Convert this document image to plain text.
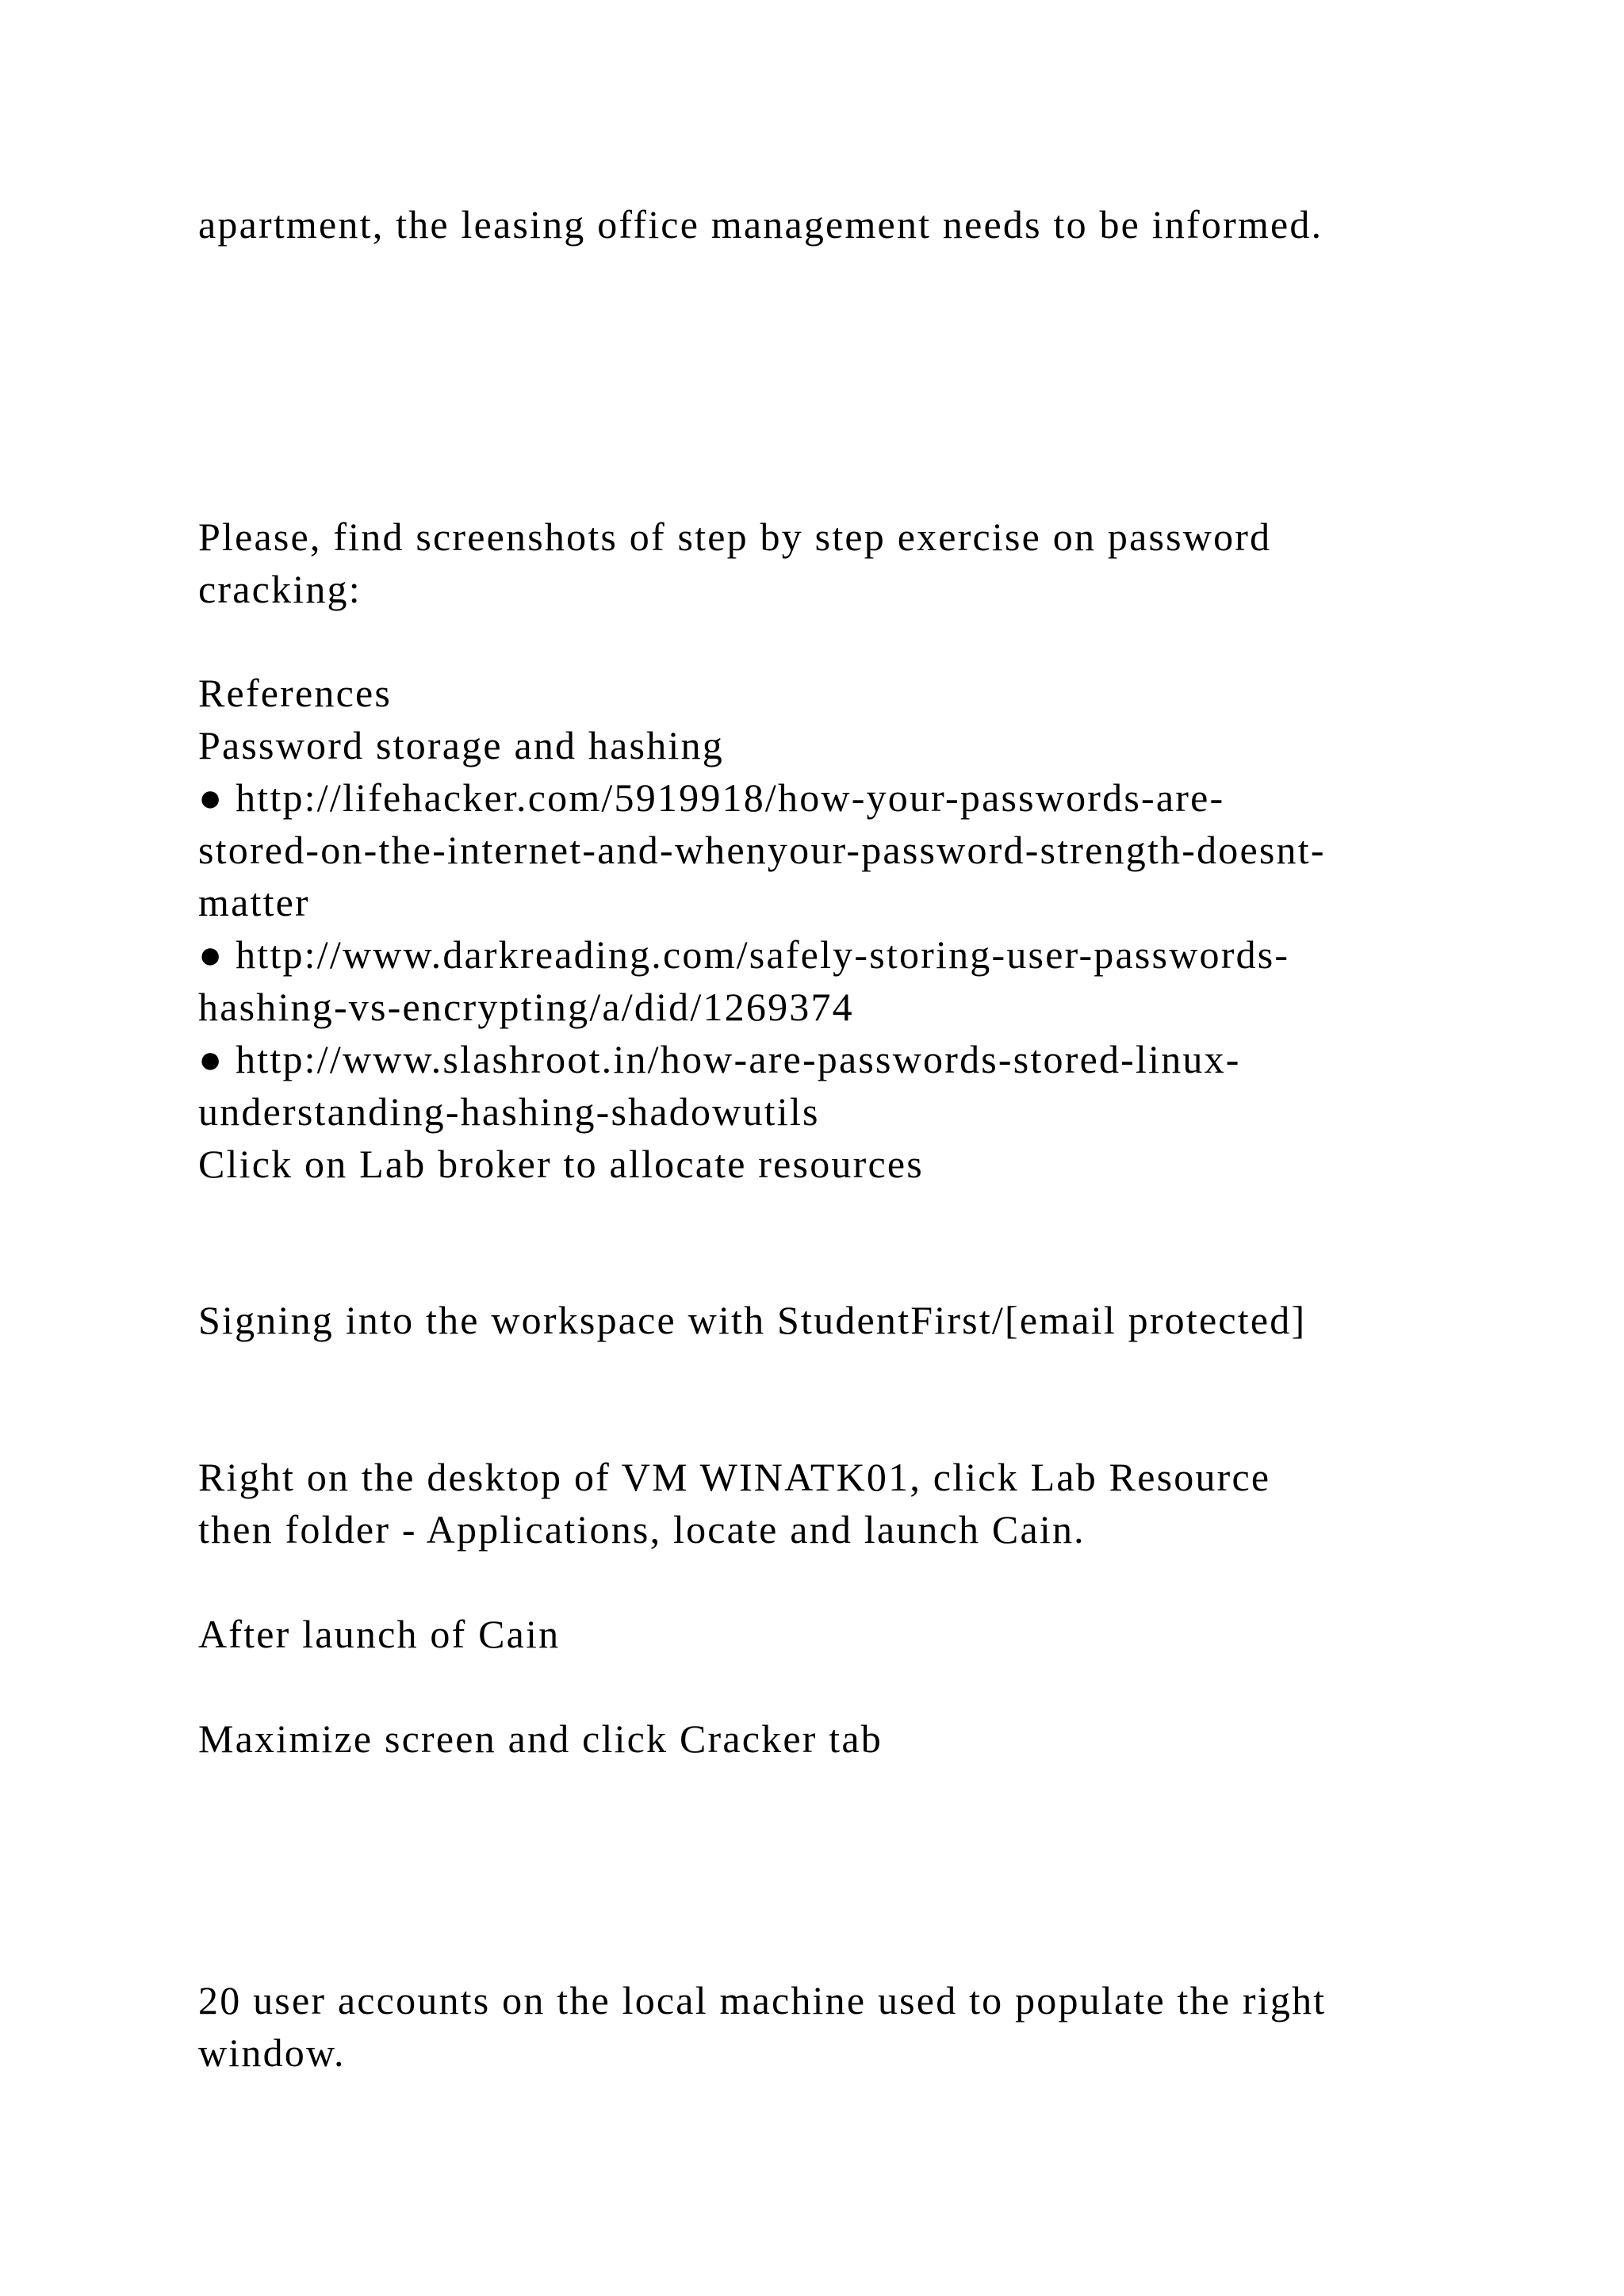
apartment, the leasing office management needs to be informed.
Please, find screenshots of step by step exercise on password
cracking:
References
Password storage and hashing
● http://lifehacker.com/5919918/how-your-passwords-are-
stored-on-the-internet-and-whenyour-password-strength-doesnt-
matter
● http://www.darkreading.com/safely-storing-user-passwords-
hashing-vs-encrypting/a/did/1269374
● http://www.slashroot.in/how-are-passwords-stored-linux-
understanding-hashing-shadowutils
Click on Lab broker to allocate resources
Signing into the workspace with StudentFirst/[email protected]
Right on the desktop of VM WINATK01, click Lab Resource
then folder - Applications, locate and launch Cain.
After launch of Cain
Maximize screen and click Cracker tab
20 user accounts on the local machine used to populate the right
window.
